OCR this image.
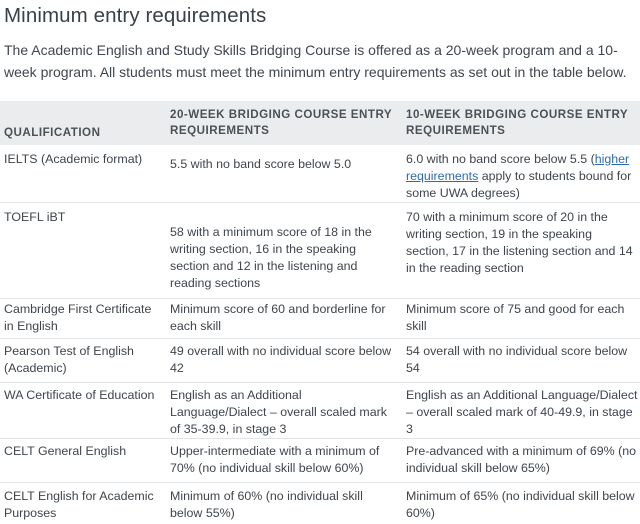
Minimum entry requirements

The Academic English and Study Skills Bridging Course is offered as a 20-week program and a 10-week program. All students must meet the minimum entry requirements as set out in the table below.

QUALIFICATION	20-WEEK BRIDGING COURSE ENTRY REQUIREMENTS	10-WEEK BRIDGING COURSE ENTRY REQUIREMENTS
IELTS (Academic format)	5.5 with no band score below 5.0	6.0 with no band score below 5.5 (higher requirements apply to students bound for some UWA degrees)
TOEFL iBT	58 with a minimum score of 18 in the writing section, 16 in the speaking section and 12 in the listening and reading sections	70 with a minimum score of 20 in the writing section, 19 in the speaking section, 17 in the listening section and 14 in the reading section
Cambridge First Certificate in English	Minimum score of 60 and borderline for each skill	Minimum score of 75 and good for each skill
Pearson Test of English (Academic)	49 overall with no individual score below 42	54 overall with no individual score below 54
WA Certificate of Education	English as an Additional Language/Dialect – overall scaled mark of 35-39.9, in stage 3	English as an Additional Language/Dialect – overall scaled mark of 40-49.9, in stage 3
CELT General English	Upper-intermediate with a minimum of 70% (no individual skill below 60%)	Pre-advanced with a minimum of 69% (no individual skill below 65%)
CELT English for Academic Purposes	Minimum of 60% (no individual skill below 55%)	Minimum of 65% (no individual skill below 60%)
